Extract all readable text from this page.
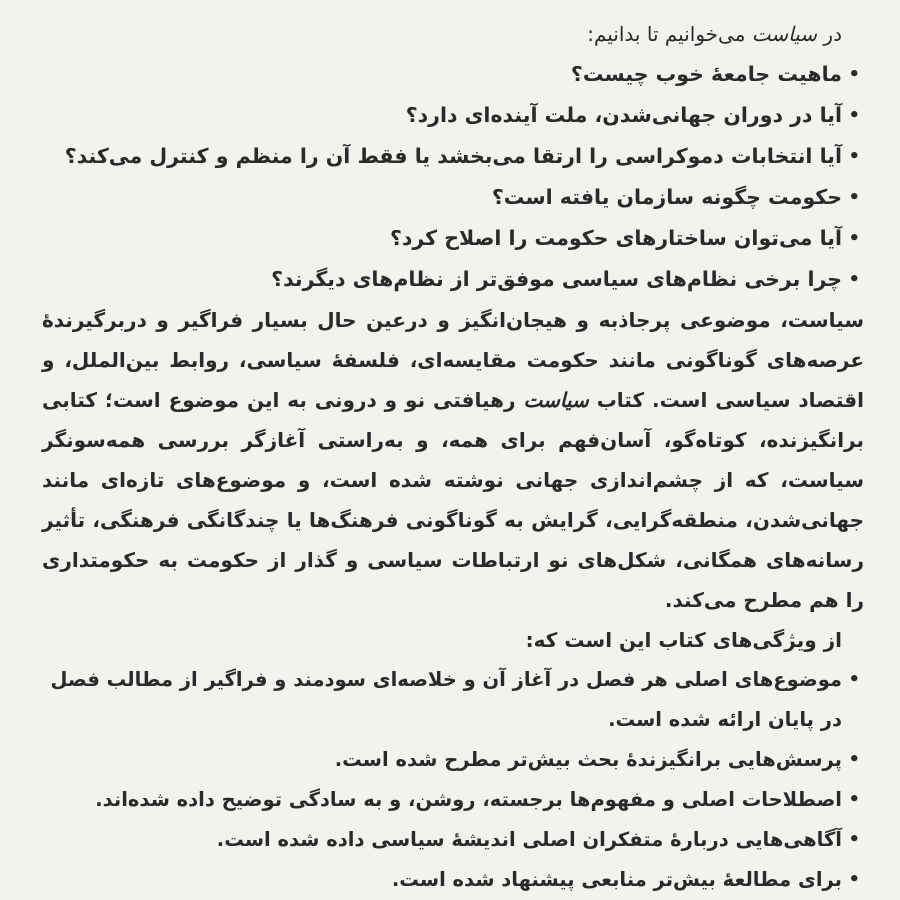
در سیاست می‌خوانیم تا بدانیم:

•
ماهیت جامعهٔ خوب چیست؟
•
آیا در دوران جهانی‌شدن، ملت آینده‌ای دارد؟
•
آیا انتخابات دموکراسی را ارتقا می‌بخشد یا فقط آن را منظم و کنترل می‌کند؟
•
حکومت چگونه سازمان یافته است؟
•
آیا می‌توان ساختارهای حکومت را اصلاح کرد؟
•
چرا برخی نظام‌های سیاسی موفق‌تر از نظام‌های دیگرند؟

سیاست، موضوعی پرجاذبه و هیجان‌انگیز و درعین حال بسیار فراگیر و دربرگیرندهٔ عرصه‌های گوناگونی مانند حکومت مقایسه‌ای، فلسفهٔ سیاسی، روابط بین‌الملل، و اقتصاد سیاسی است. کتاب سیاست رهیافتی نو و درونی به این موضوع است؛ کتابی برانگیزنده، کوتاه‌گو، آسان‌فهم برای همه، و به‌راستی آغازگر بررسی همه‌سونگر سیاست، که از چشم‌اندازی جهانی نوشته شده است، و موضوع‌های تازه‌ای مانند جهانی‌شدن، منطقه‌گرایی، گرایش به گوناگونی فرهنگ‌ها یا چندگانگی فرهنگی، تأثیر رسانه‌های همگانی، شکل‌های نو ارتباطات سیاسی و گذار از حکومت به حکومتداری را هم مطرح می‌کند.

از ویژگی‌های کتاب این است که:

•
موضوع‌های اصلی هر فصل در آغاز آن و خلاصه‌ای سودمند و فراگیر از مطالب فصل در پایان ارائه شده است.
•
پرسش‌هایی برانگیزندهٔ بحث بیش‌تر مطرح شده است.
•
اصطلاحات اصلی و مفهوم‌ها برجسته، روشن، و به سادگی توضیح داده شده‌اند.
•
آگاهی‌هایی دربارهٔ متفکران اصلی اندیشهٔ سیاسی داده شده است.
•
برای مطالعهٔ بیش‌تر منابعی پیشنهاد شده است.
